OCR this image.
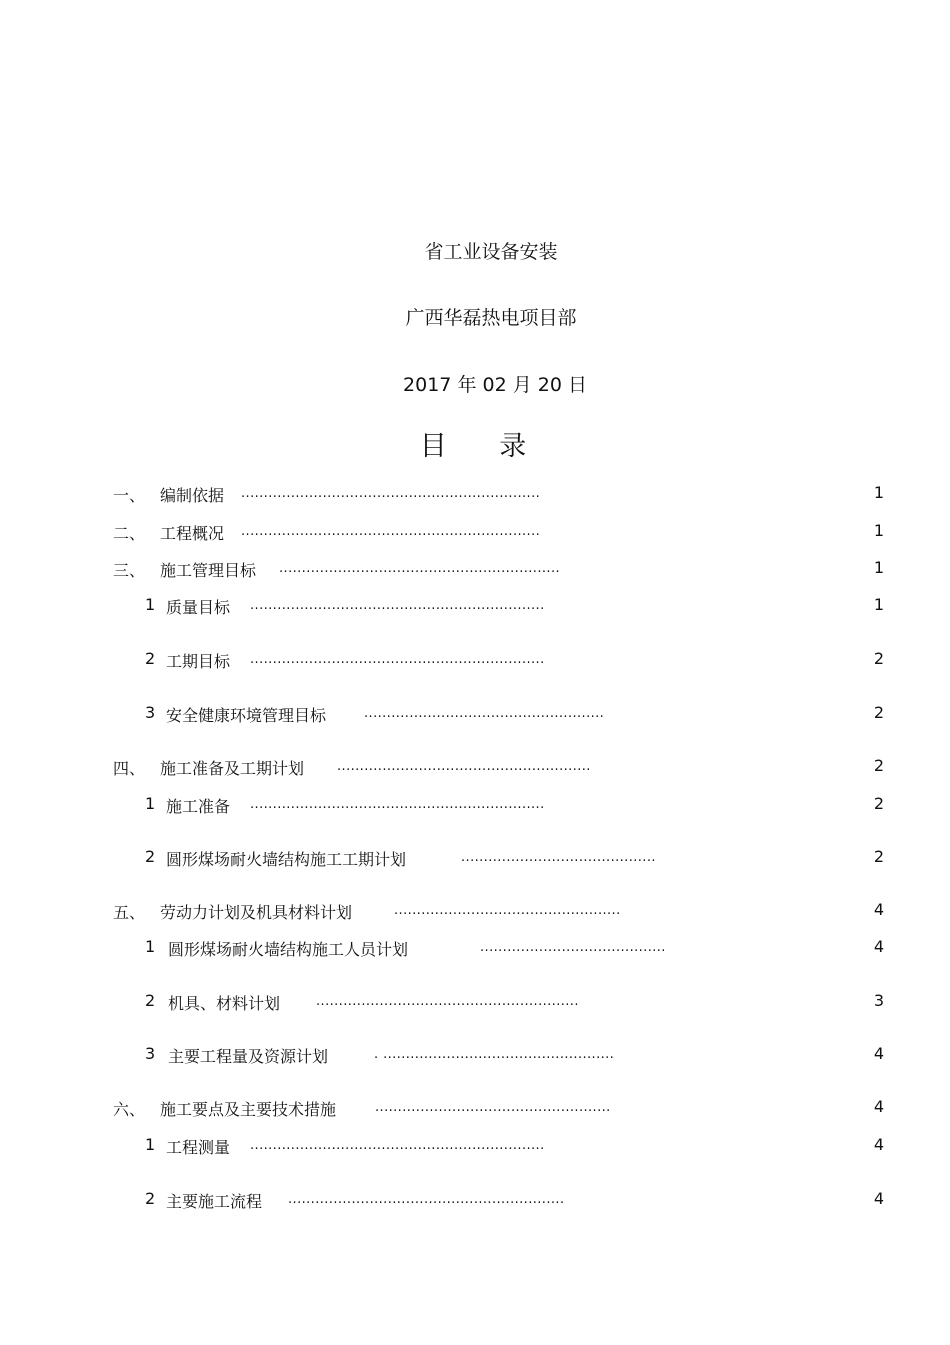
省工业设备安装
广西华磊热电项目部
2017 年 02 月 20 日
目 录
一、 编制依据 ..................................................................	1
二、 工程概况 ..................................................................	1
三、 施工管理目标 ..............................................................	1
1 质量目标 .................................................................	1
2 工期目标 .................................................................	2
3 安全健康环境管理目标	.....................................................	2
四、 施工准备及工期计划	........................................................	2
1 施工准备 .................................................................	2
2 圆形煤场耐火墙结构施工工期计划	...........................................	2
五、 劳动力计划及机具材料计划	..................................................	4
1 圆形煤场耐火墙结构施工人员计划	.........................................	4
2 机具、材料计划	..........................................................	3
3 主要工程量及资源计划	. ...................................................	4
六、 施工要点及主要技术措施	....................................................	4
1 工程测量 .................................................................	4
2 主要施工流程 .............................................................	4
